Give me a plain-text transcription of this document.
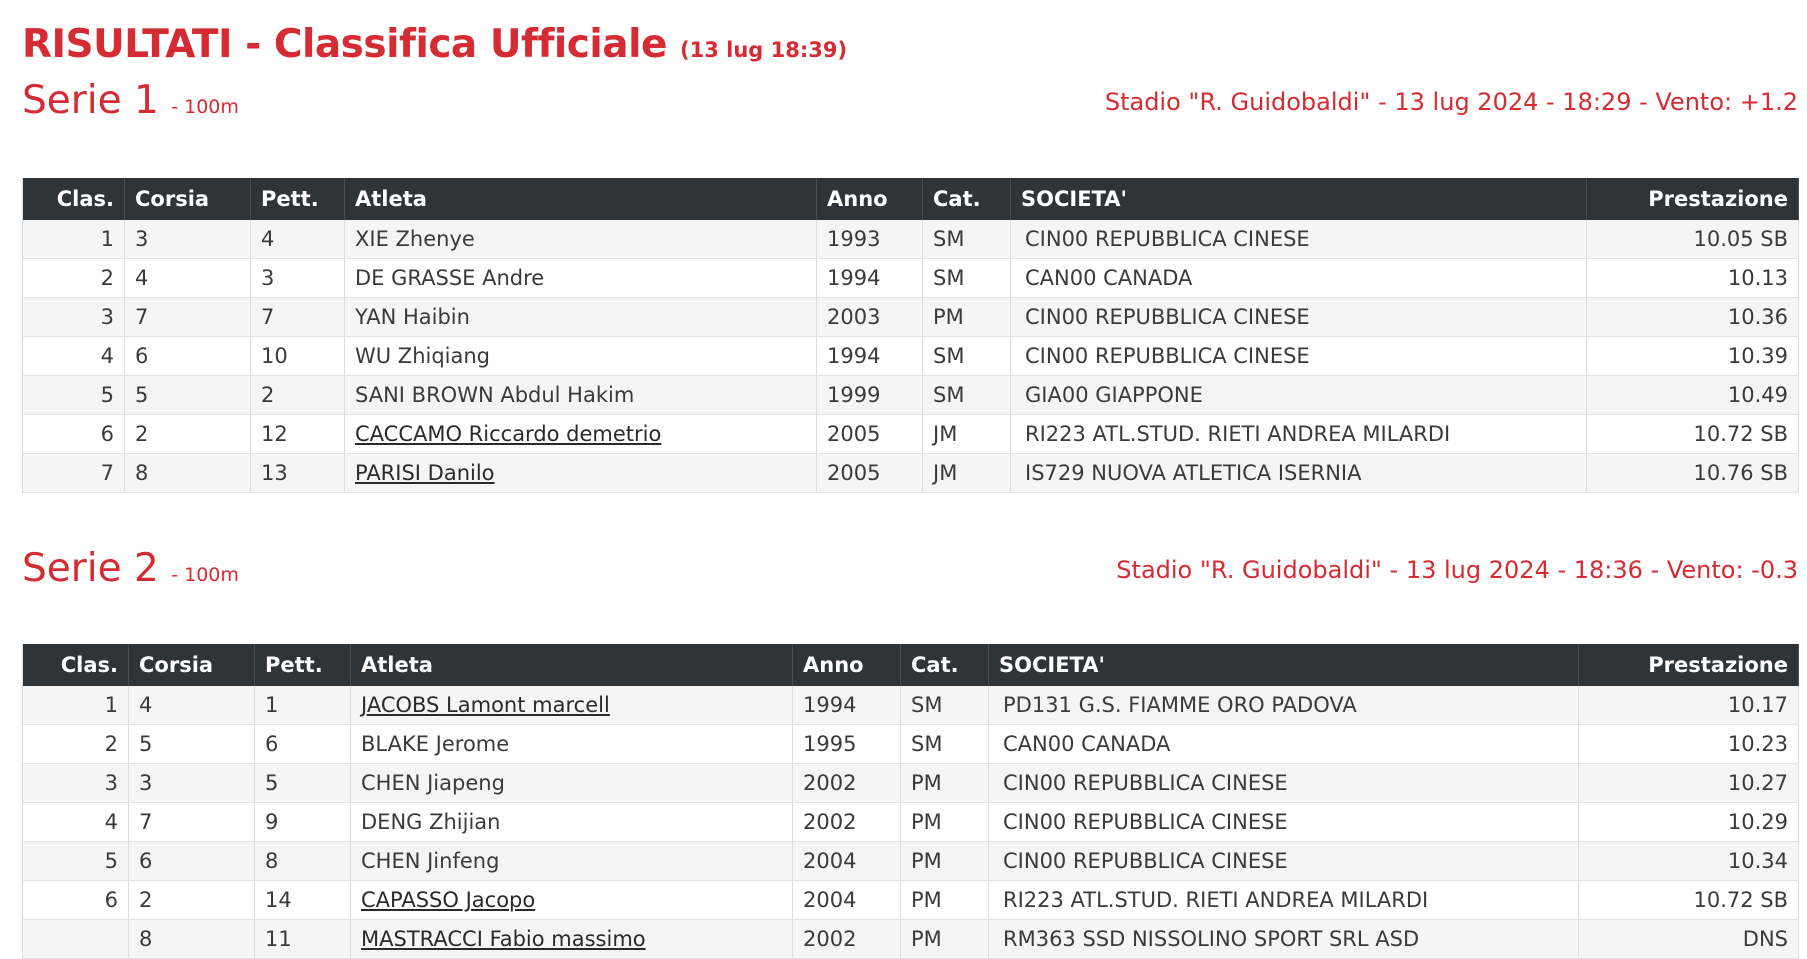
RISULTATI - Classifica Ufficiale (13 lug 18:39)
Serie 1 - 100m	Stadio "R. Guidobaldi" - 13 lug 2024 - 18:29 - Vento: +1.2
Clas.	Corsia	Pett.	Atleta	Anno	Cat.	SOCIETA'	Prestazione
1	3	4	XIE Zhenye	1993	SM	CIN00 REPUBBLICA CINESE	10.05 SB
2	4	3	DE GRASSE Andre	1994	SM	CAN00 CANADA	10.13
3	7	7	YAN Haibin	2003	PM	CIN00 REPUBBLICA CINESE	10.36
4	6	10	WU Zhiqiang	1994	SM	CIN00 REPUBBLICA CINESE	10.39
5	5	2	SANI BROWN Abdul Hakim	1999	SM	GIA00 GIAPPONE	10.49
6	2	12	CACCAMO Riccardo demetrio	2005	JM	RI223 ATL.STUD. RIETI ANDREA MILARDI	10.72 SB
7	8	13	PARISI Danilo	2005	JM	IS729 NUOVA ATLETICA ISERNIA	10.76 SB
Serie 2 - 100m	Stadio "R. Guidobaldi" - 13 lug 2024 - 18:36 - Vento: -0.3
Clas.	Corsia	Pett.	Atleta	Anno	Cat.	SOCIETA'	Prestazione
1	4	1	JACOBS Lamont marcell	1994	SM	PD131 G.S. FIAMME ORO PADOVA	10.17
2	5	6	BLAKE Jerome	1995	SM	CAN00 CANADA	10.23
3	3	5	CHEN Jiapeng	2002	PM	CIN00 REPUBBLICA CINESE	10.27
4	7	9	DENG Zhijian	2002	PM	CIN00 REPUBBLICA CINESE	10.29
5	6	8	CHEN Jinfeng	2004	PM	CIN00 REPUBBLICA CINESE	10.34
6	2	14	CAPASSO Jacopo	2004	PM	RI223 ATL.STUD. RIETI ANDREA MILARDI	10.72 SB
	8	11	MASTRACCI Fabio massimo	2002	PM	RM363 SSD NISSOLINO SPORT SRL ASD	DNS
